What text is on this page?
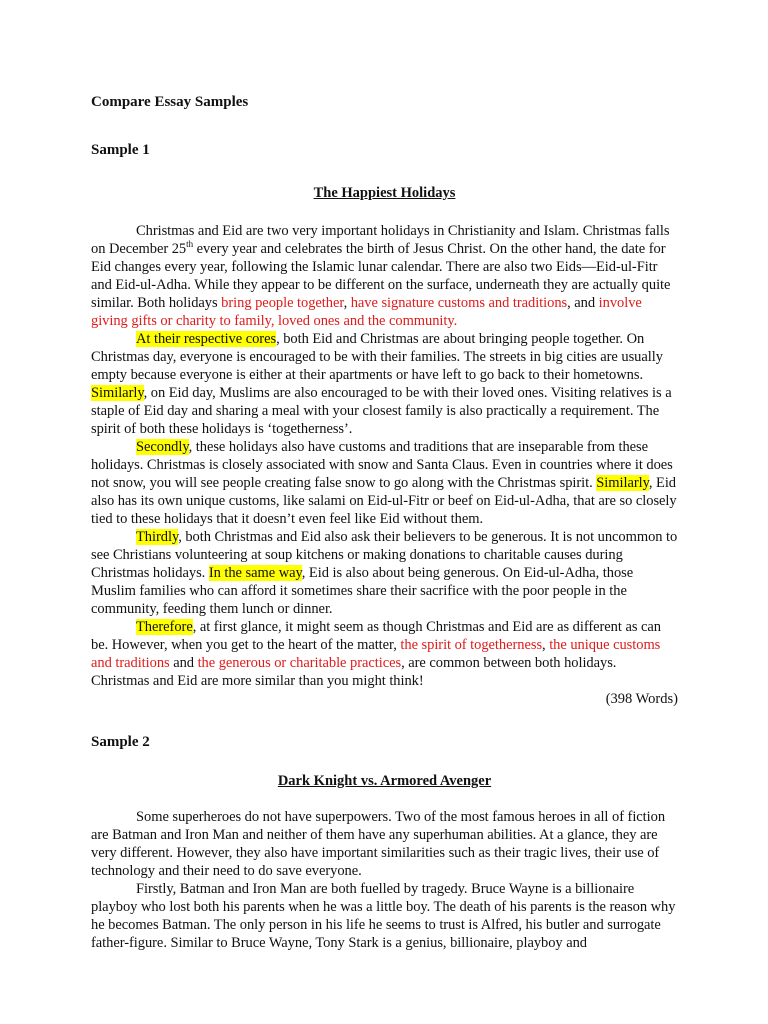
Compare Essay Samples
Sample 1
The Happiest Holidays

Christmas and Eid are two very important holidays in Christianity and Islam. Christmas falls on December 25th every year and celebrates the birth of Jesus Christ. On the other hand, the date for Eid changes every year, following the Islamic lunar calendar. There are also two Eids—Eid-ul-Fitr and Eid-ul-Adha. While they appear to be different on the surface, underneath they are actually quite similar. Both holidays bring people together, have signature customs and traditions, and involve giving gifts or charity to family, loved ones and the community.

At their respective cores, both Eid and Christmas are about bringing people together. On Christmas day, everyone is encouraged to be with their families. The streets in big cities are usually empty because everyone is either at their apartments or have left to go back to their hometowns. Similarly, on Eid day, Muslims are also encouraged to be with their loved ones. Visiting relatives is a staple of Eid day and sharing a meal with your closest family is also practically a requirement. The spirit of both these holidays is ‘togetherness’.

Secondly, these holidays also have customs and traditions that are inseparable from these holidays. Christmas is closely associated with snow and Santa Claus. Even in countries where it does not snow, you will see people creating false snow to go along with the Christmas spirit. Similarly, Eid also has its own unique customs, like salami on Eid-ul-Fitr or beef on Eid-ul-Adha, that are so closely tied to these holidays that it doesn’t even feel like Eid without them.

Thirdly, both Christmas and Eid also ask their believers to be generous. It is not uncommon to see Christians volunteering at soup kitchens or making donations to charitable causes during Christmas holidays. In the same way, Eid is also about being generous. On Eid-ul-Adha, those Muslim families who can afford it sometimes share their sacrifice with the poor people in the community, feeding them lunch or dinner.

Therefore, at first glance, it might seem as though Christmas and Eid are as different as can be. However, when you get to the heart of the matter, the spirit of togetherness, the unique customs and traditions and the generous or charitable practices, are common between both holidays. Christmas and Eid are more similar than you might think!

(398 Words)

Sample 2
Dark Knight vs. Armored Avenger

Some superheroes do not have superpowers. Two of the most famous heroes in all of fiction are Batman and Iron Man and neither of them have any superhuman abilities. At a glance, they are very different. However, they also have important similarities such as their tragic lives, their use of technology and their need to do save everyone.

Firstly, Batman and Iron Man are both fuelled by tragedy. Bruce Wayne is a billionaire playboy who lost both his parents when he was a little boy. The death of his parents is the reason why he becomes Batman. The only person in his life he seems to trust is Alfred, his butler and surrogate father-figure. Similar to Bruce Wayne, Tony Stark is a genius, billionaire, playboy and
